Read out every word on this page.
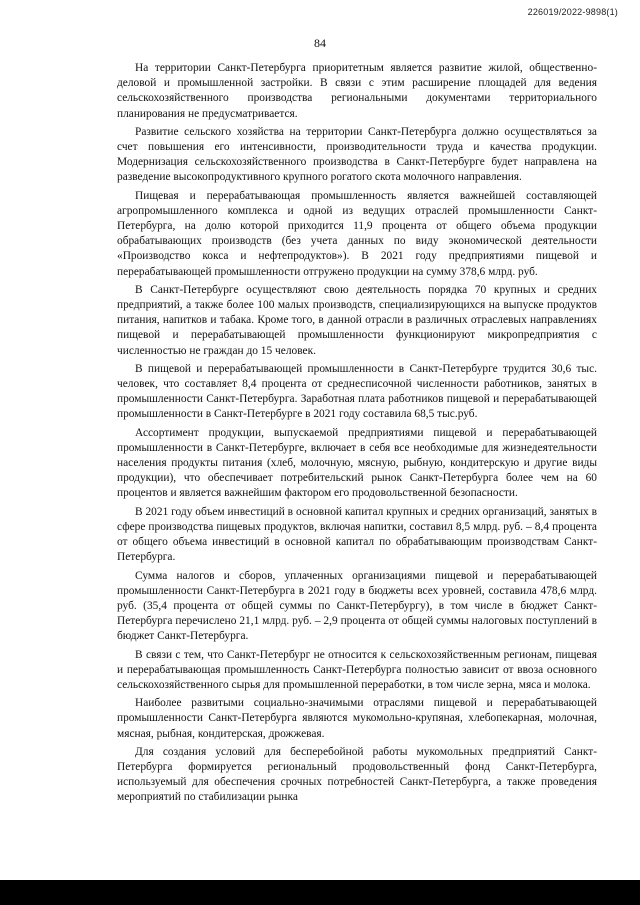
226019/2022-9898(1)
84

На территории Санкт-Петербурга приоритетным является развитие жилой, общественно-деловой и промышленной застройки. В связи с этим расширение площадей для ведения сельскохозяйственного производства региональными документами территориального планирования не предусматривается.

Развитие сельского хозяйства на территории Санкт-Петербурга должно осуществляться за счет повышения его интенсивности, производительности труда и качества продукции. Модернизация сельскохозяйственного производства в Санкт-Петербурге будет направлена на разведение высокопродуктивного крупного рогатого скота молочного направления.

Пищевая и перерабатывающая промышленность является важнейшей составляющей агропромышленного комплекса и одной из ведущих отраслей промышленности Санкт-Петербурга, на долю которой приходится 11,9 процента от общего объема продукции обрабатывающих производств (без учета данных по виду экономической деятельности «Производство кокса и нефтепродуктов»). В 2021 году предприятиями пищевой и перерабатывающей промышленности отгружено продукции на сумму 378,6 млрд. руб.

В Санкт-Петербурге осуществляют свою деятельность порядка 70 крупных и средних предприятий, а также более 100 малых производств, специализирующихся на выпуске продуктов питания, напитков и табака. Кроме того, в данной отрасли в различных отраслевых направлениях пищевой и перерабатывающей промышленности функционируют микропредприятия с численностью не граждан до 15 человек.

В пищевой и перерабатывающей промышленности в Санкт-Петербурге трудится 30,6 тыс. человек, что составляет 8,4 процента от среднесписочной численности работников, занятых в промышленности Санкт-Петербурга. Заработная плата работников пищевой и перерабатывающей промышленности в Санкт-Петербурге в 2021 году составила 68,5 тыс.руб.

Ассортимент продукции, выпускаемой предприятиями пищевой и перерабатывающей промышленности в Санкт-Петербурге, включает в себя все необходимые для жизнедеятельности населения продукты питания (хлеб, молочную, мясную, рыбную, кондитерскую и другие виды продукции), что обеспечивает потребительский рынок Санкт-Петербурга более чем на 60 процентов и является важнейшим фактором его продовольственной безопасности.

В 2021 году объем инвестиций в основной капитал крупных и средних организаций, занятых в сфере производства пищевых продуктов, включая напитки, составил 8,5 млрд. руб. – 8,4 процента от общего объема инвестиций в основной капитал по обрабатывающим производствам Санкт-Петербурга.

Сумма налогов и сборов, уплаченных организациями пищевой и перерабатывающей промышленности Санкт-Петербурга в 2021 году в бюджеты всех уровней, составила 478,6 млрд. руб. (35,4 процента от общей суммы по Санкт-Петербургу), в том числе в бюджет Санкт-Петербурга перечислено 21,1 млрд. руб. – 2,9 процента от общей суммы налоговых поступлений в бюджет Санкт-Петербурга.

В связи с тем, что Санкт-Петербург не относится к сельскохозяйственным регионам, пищевая и перерабатывающая промышленность Санкт-Петербурга полностью зависит от ввоза основного сельскохозяйственного сырья для промышленной переработки, в том числе зерна, мяса и молока.

Наиболее развитыми социально-значимыми отраслями пищевой и перерабатывающей промышленности Санкт-Петербурга являются мукомольно-крупяная, хлебопекарная, молочная, мясная, рыбная, кондитерская, дрожжевая.

Для создания условий для бесперебойной работы мукомольных предприятий Санкт-Петербурга формируется региональный продовольственный фонд Санкт-Петербурга, используемый для обеспечения срочных потребностей Санкт-Петербурга, а также проведения мероприятий по стабилизации рынка
